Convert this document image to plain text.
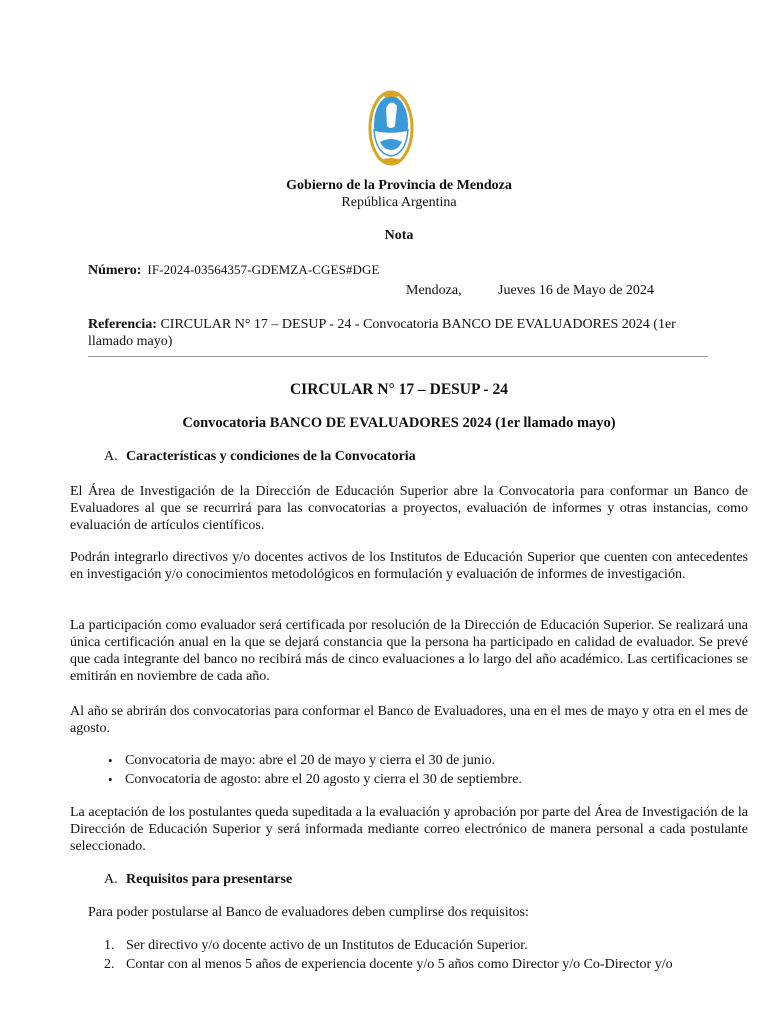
Gobierno de la Provincia de Mendoza
República Argentina
Nota
Número: IF-2024-03564357-GDEMZA-CGES#DGE
Mendoza,	Jueves 16 de Mayo de 2024
Referencia: CIRCULAR N° 17 – DESUP - 24 - Convocatoria BANCO DE EVALUADORES 2024 (1er llamado mayo)
CIRCULAR N° 17 – DESUP - 24
Convocatoria BANCO DE EVALUADORES 2024 (1er llamado mayo)
A. Características y condiciones de la Convocatoria
El Área de Investigación de la Dirección de Educación Superior abre la Convocatoria para conformar un Banco de Evaluadores al que se recurrirá para las convocatorias a proyectos, evaluación de informes y otras instancias, como evaluación de artículos científicos.
Podrán integrarlo directivos y/o docentes activos de los Institutos de Educación Superior que cuenten con antecedentes en investigación y/o conocimientos metodológicos en formulación y evaluación de informes de investigación.
La participación como evaluador será certificada por resolución de la Dirección de Educación Superior. Se realizará una única certificación anual en la que se dejará constancia que la persona ha participado en calidad de evaluador. Se prevé que cada integrante del banco no recibirá más de cinco evaluaciones a lo largo del año académico. Las certificaciones se emitirán en noviembre de cada año.
Al año se abrirán dos convocatorias para conformar el Banco de Evaluadores, una en el mes de mayo y otra en el mes de agosto.
• Convocatoria de mayo: abre el 20 de mayo y cierra el 30 de junio.
• Convocatoria de agosto: abre el 20 agosto y cierra el 30 de septiembre.
La aceptación de los postulantes queda supeditada a la evaluación y aprobación por parte del Área de Investigación de la Dirección de Educación Superior y será informada mediante correo electrónico de manera personal a cada postulante seleccionado.
A. Requisitos para presentarse
Para poder postularse al Banco de evaluadores deben cumplirse dos requisitos:
1. Ser directivo y/o docente activo de un Institutos de Educación Superior.
2. Contar con al menos 5 años de experiencia docente y/o 5 años como Director y/o Co-Director y/o
